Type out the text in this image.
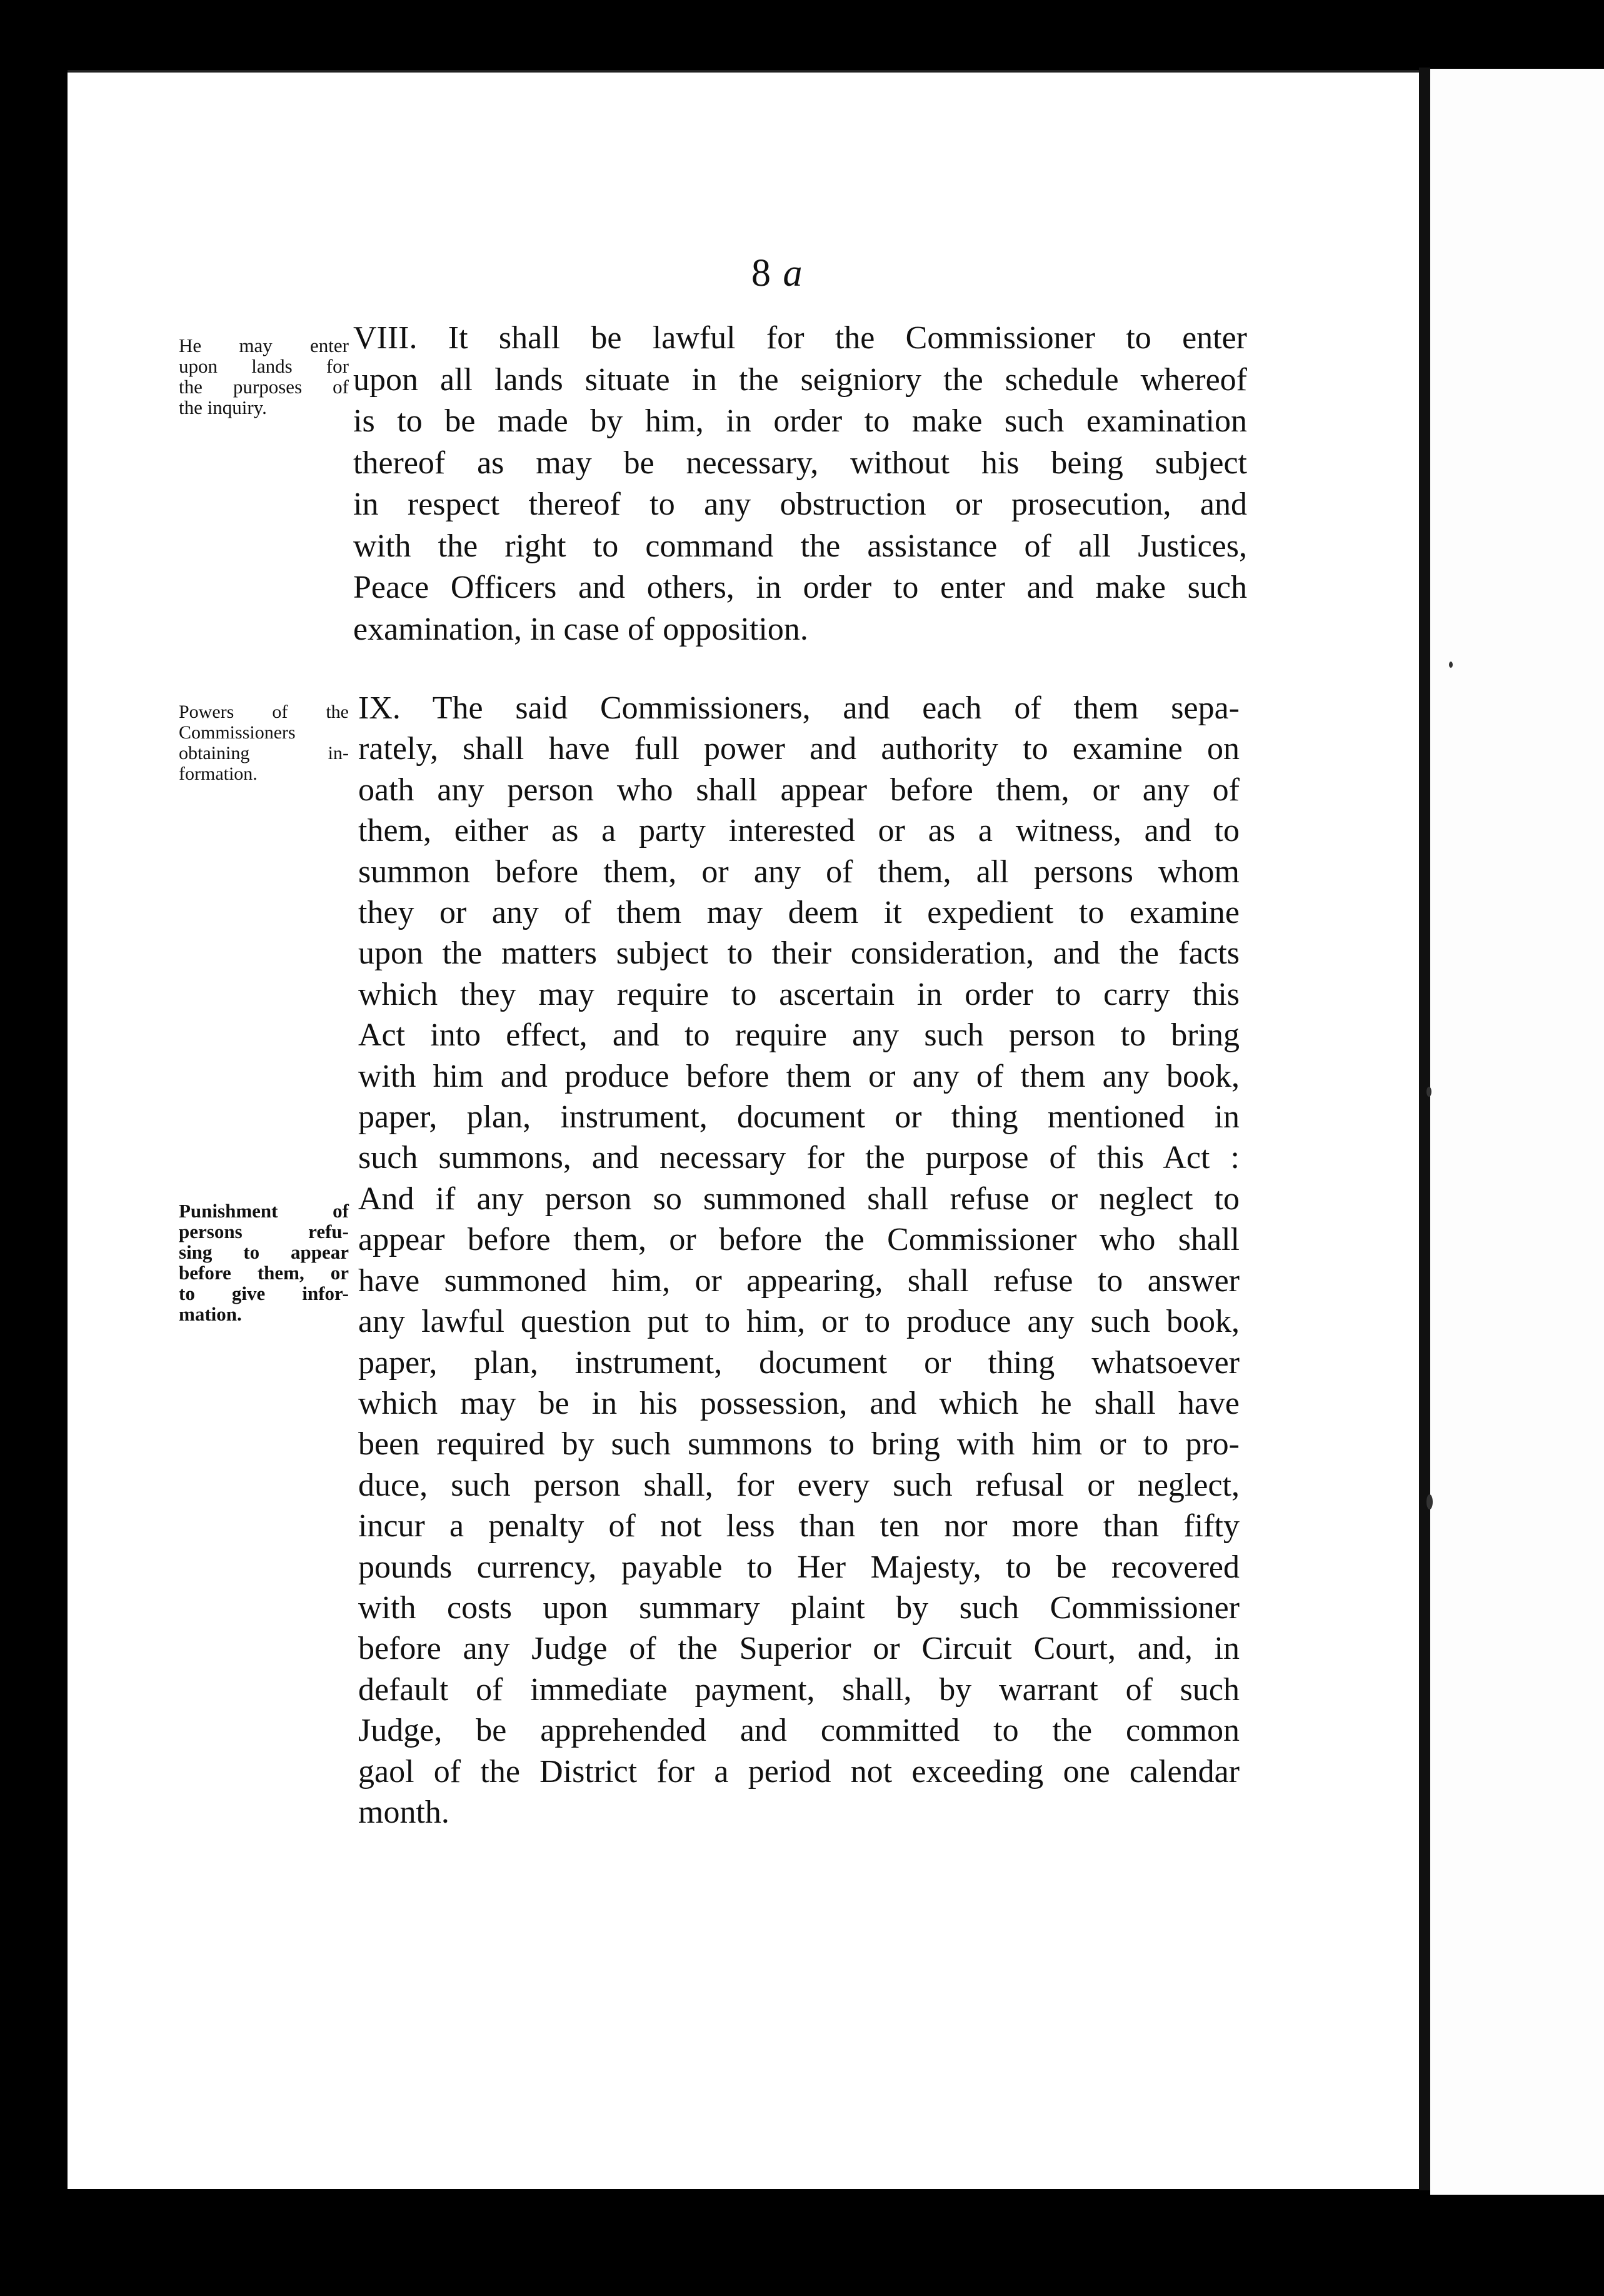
8 a
He may enter
upon lands for
the purposes of
the inquiry.
Powers of the
Commissioners
obtaining in-
formation.
Punishment of
persons refu-
sing to appear
before them, or
to give infor-
mation.
VIII. It shall be lawful for the Commissioner to enter
upon all lands situate in the seigniory the schedule whereof
is to be made by him, in order to make such examination
thereof as may be necessary, without his being subject
in respect thereof to any obstruction or prosecution, and
with the right to command the assistance of all Justices,
Peace Officers and others, in order to enter and make such
examination, in case of opposition.
IX. The said Commissioners, and each of them sepa-
rately, shall have full power and authority to examine on
oath any person who shall appear before them, or any of
them, either as a party interested or as a witness, and to
summon before them, or any of them, all persons whom
they or any of them may deem it expedient to examine
upon the matters subject to their consideration, and the facts
which they may require to ascertain in order to carry this
Act into effect, and to require any such person to bring
with him and produce before them or any of them any book,
paper, plan, instrument, document or thing mentioned in
such summons, and necessary for the purpose of this Act :
And if any person so summoned shall refuse or neglect to
appear before them, or before the Commissioner who shall
have summoned him, or appearing, shall refuse to answer
any lawful question put to him, or to produce any such book,
paper, plan, instrument, document or thing whatsoever
which may be in his possession, and which he shall have
been required by such summons to bring with him or to pro-
duce, such person shall, for every such refusal or neglect,
incur a penalty of not less than ten nor more than fifty
pounds currency, payable to Her Majesty, to be recovered
with costs upon summary plaint by such Commissioner
before any Judge of the Superior or Circuit Court, and, in
default of immediate payment, shall, by warrant of such
Judge, be apprehended and committed to the common
gaol of the District for a period not exceeding one calendar
month.
